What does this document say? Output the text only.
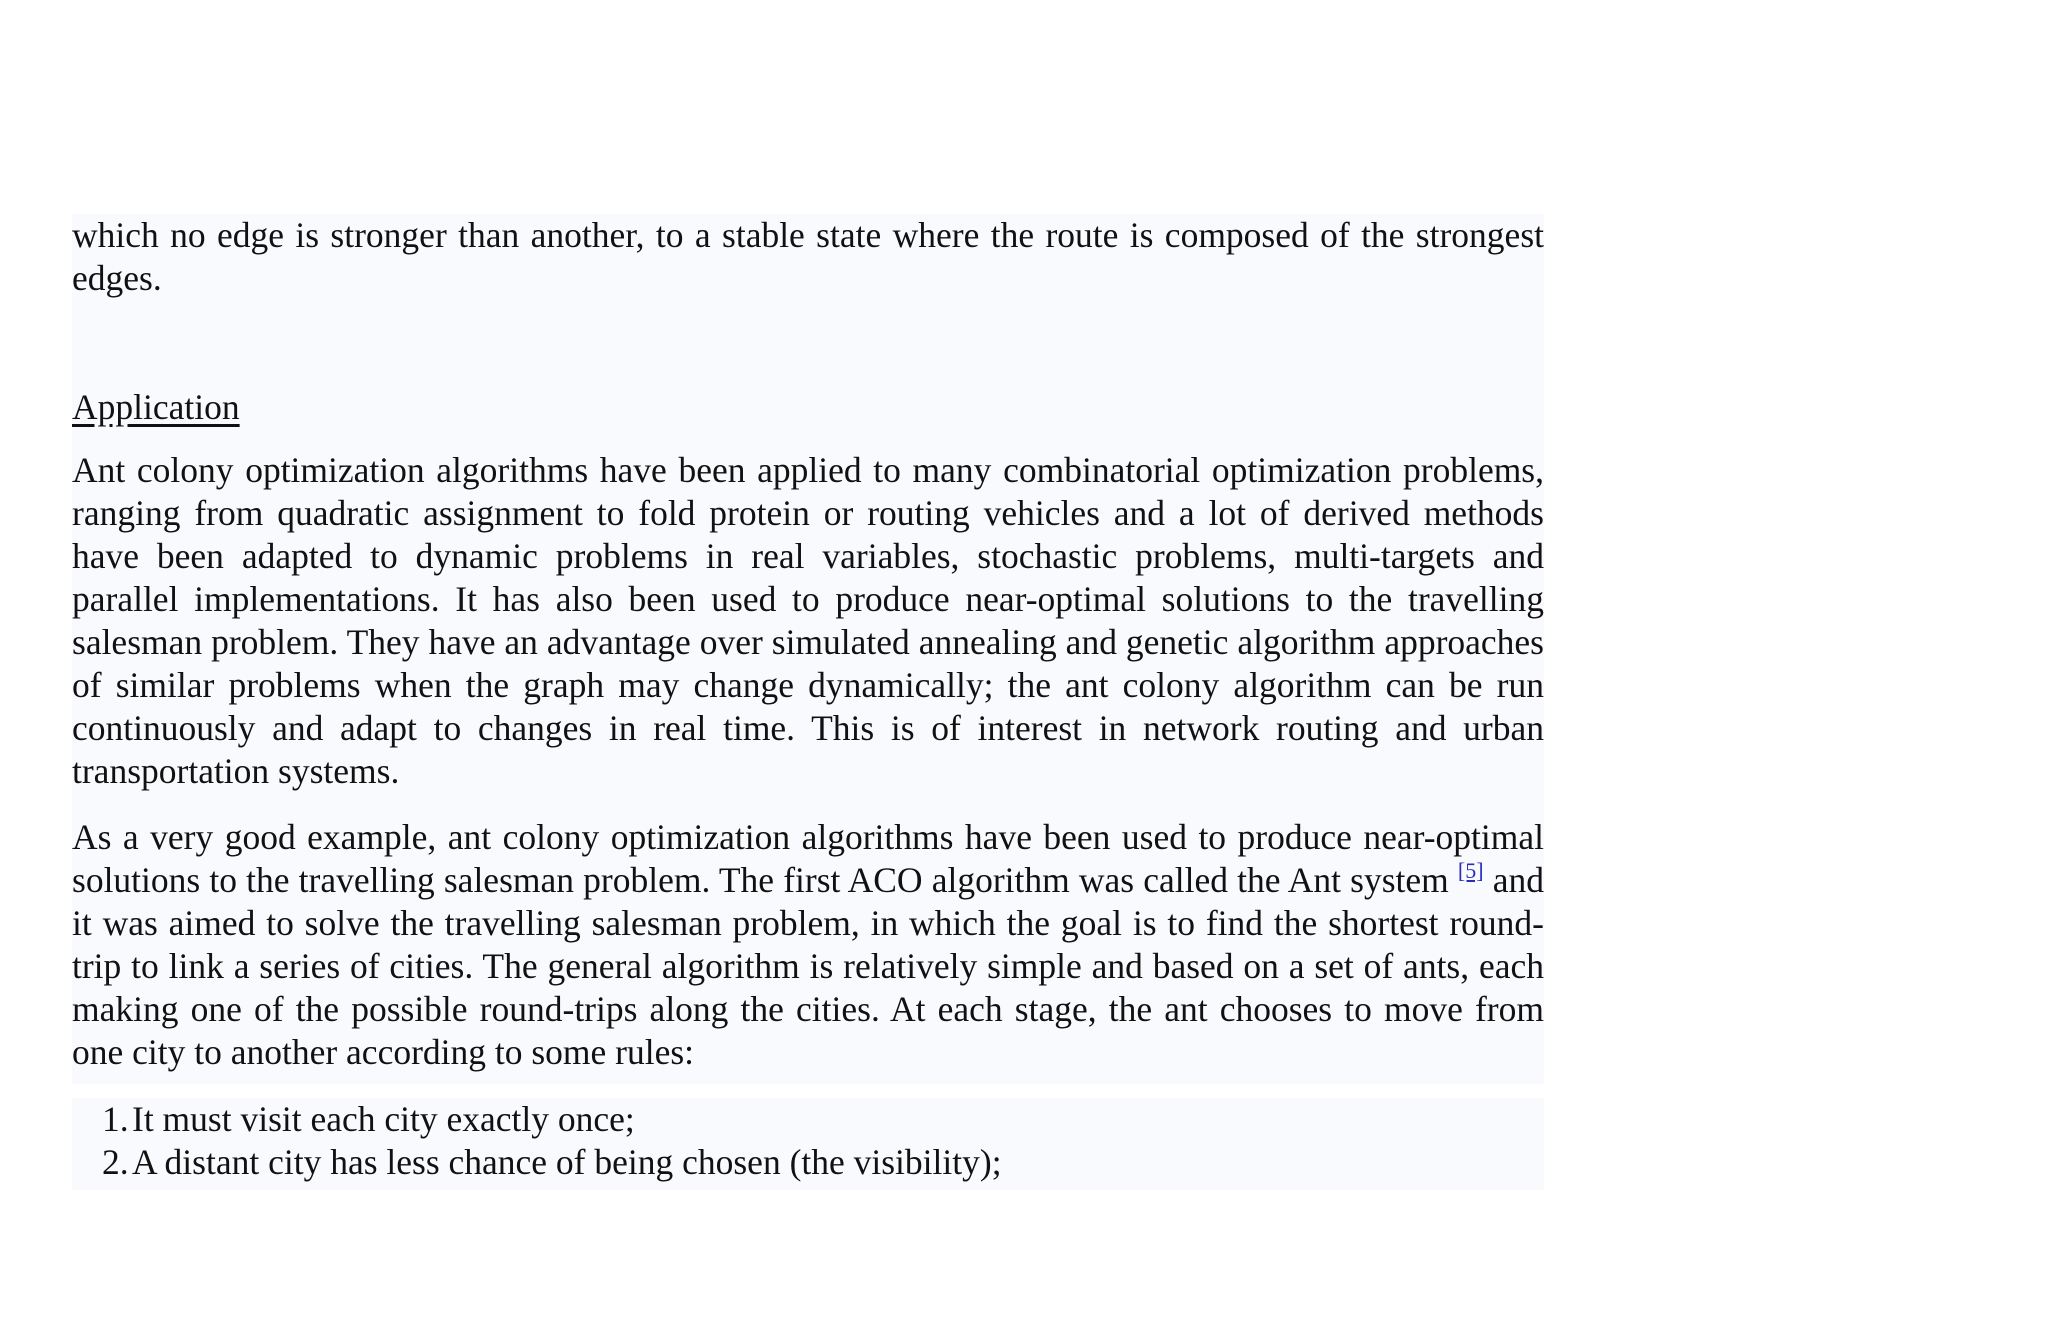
which no edge is stronger than another, to a stable state where the route is composed of the strongest edges.

Application

Ant colony optimization algorithms have been applied to many combinatorial optimization problems, ranging from quadratic assignment to fold protein or routing vehicles and a lot of derived methods have been adapted to dynamic problems in real variables, stochastic problems, multi-targets and parallel implementations. It has also been used to produce near-optimal solutions to the travelling salesman problem. They have an advantage over simulated annealing and genetic algorithm approaches of similar problems when the graph may change dynamically; the ant colony algorithm can be run continuously and adapt to changes in real time. This is of interest in network routing and urban transportation systems.

As a very good example, ant colony optimization algorithms have been used to produce near-optimal solutions to the travelling salesman problem. The first ACO algorithm was called the Ant system [5] and it was aimed to solve the travelling salesman problem, in which the goal is to find the shortest round-trip to link a series of cities. The general algorithm is relatively simple and based on a set of ants, each making one of the possible round-trips along the cities. At each stage, the ant chooses to move from one city to another according to some rules:

1. It must visit each city exactly once;
2. A distant city has less chance of being chosen (the visibility);
